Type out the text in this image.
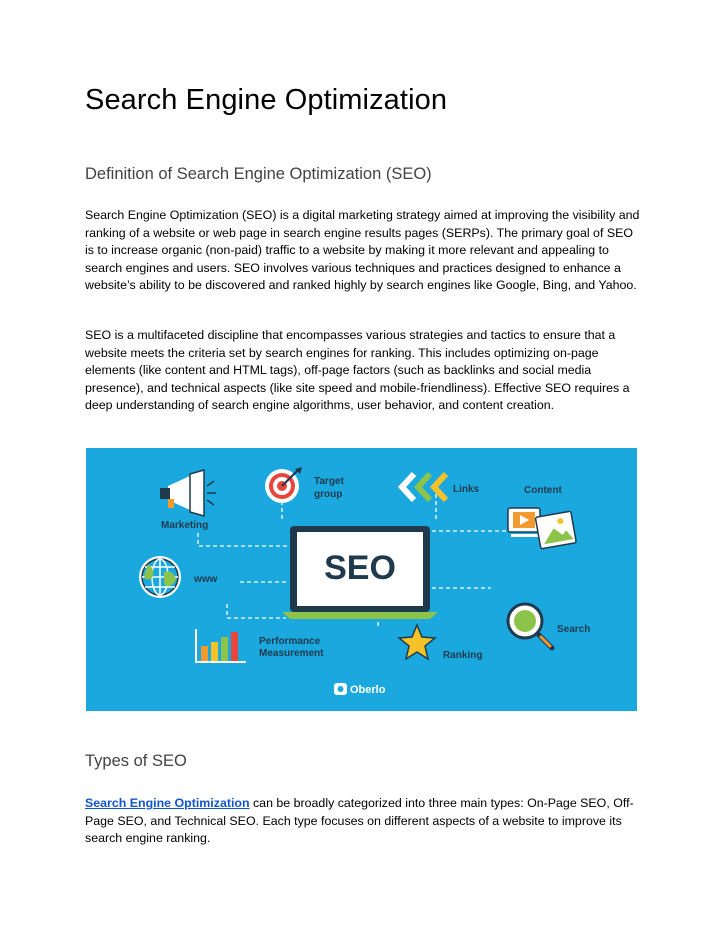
Search Engine Optimization
Definition of Search Engine Optimization (SEO)

Search Engine Optimization (SEO) is a digital marketing strategy aimed at improving the visibility and ranking of a website or web page in search engine results pages (SERPs). The primary goal of SEO is to increase organic (non-paid) traffic to a website by making it more relevant and appealing to search engines and users. SEO involves various techniques and practices designed to enhance a website’s ability to be discovered and ranked highly by search engines like Google, Bing, and Yahoo.

SEO is a multifaceted discipline that encompasses various strategies and tactics to ensure that a website meets the criteria set by search engines for ranking. This includes optimizing on-page elements (like content and HTML tags), off-page factors (such as backlinks and social media presence), and technical aspects (like site speed and mobile-friendliness). Effective SEO requires a deep understanding of search engine algorithms, user behavior, and content creation.

Marketing
Target
group	Links	Content
SEO
www
Search
Performance
Measurement	Ranking
Oberlo
Types of SEO

Search Engine Optimization can be broadly categorized into three main types: On-Page SEO, Off-Page SEO, and Technical SEO. Each type focuses on different aspects of a website to improve its search engine ranking.
